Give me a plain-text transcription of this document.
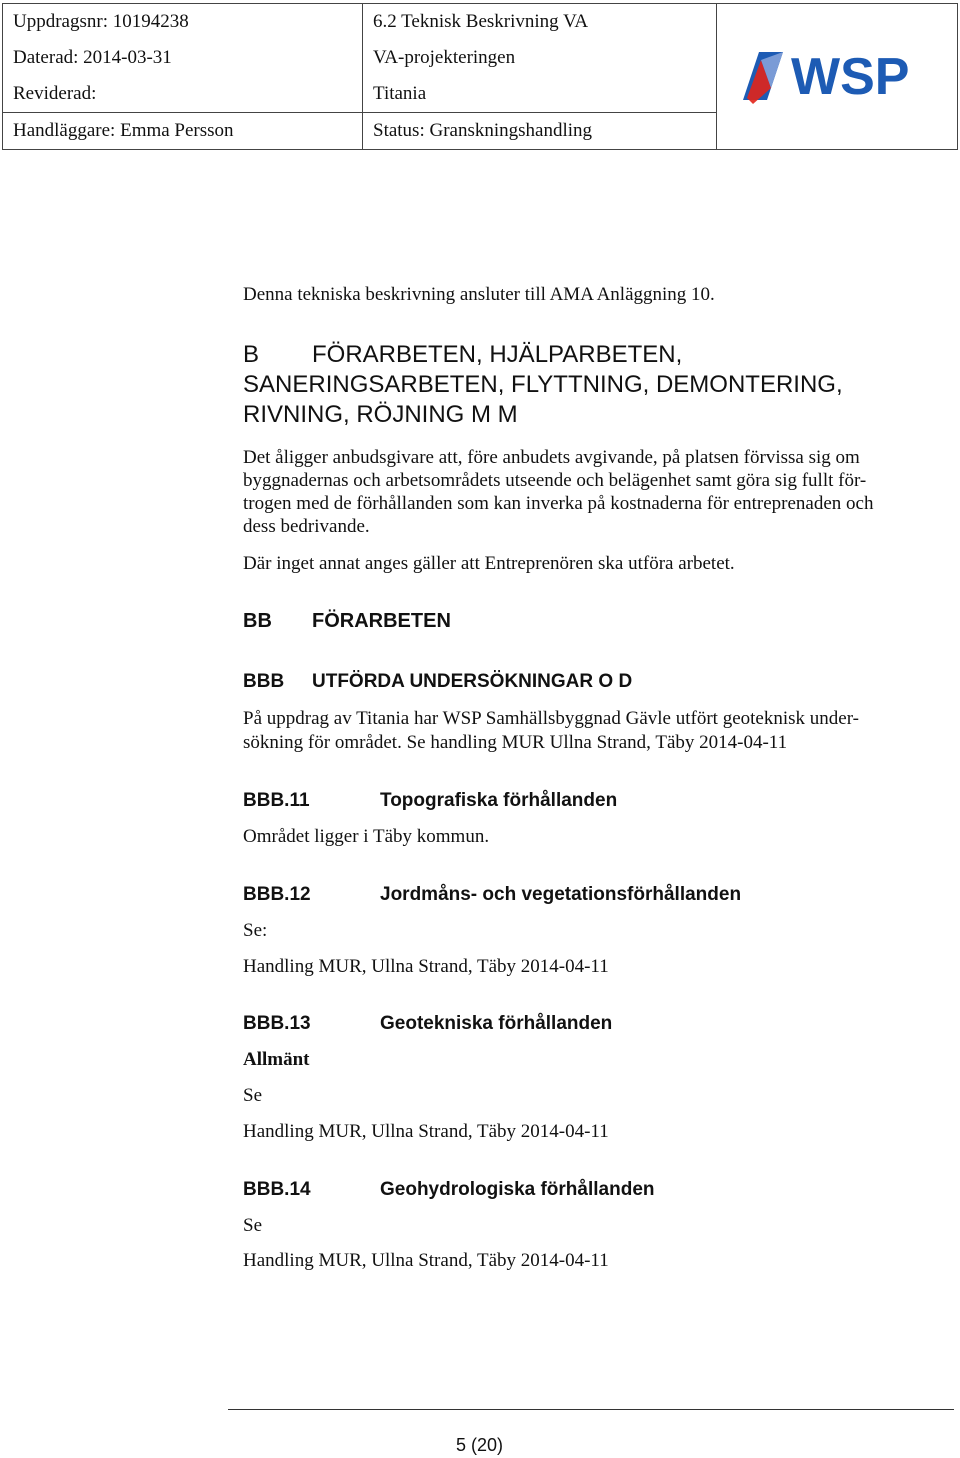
Uppdragsnr: 10194238	6.2 Teknisk Beskrivning VA	WSP

Daterad: 2014-03-31	VA-projekteringen	
Reviderad:	Titania	
Handläggare: Emma Persson	Status: Granskningshandling	
Denna tekniska beskrivning ansluter till AMA Anläggning 10.
B FÖRARBETEN, HJÄLPARBETEN,
SANERINGSARBETEN, FLYTTNING, DEMONTERING,
RIVNING, RÖJNING M M
Det åligger anbudsgivare att, före anbudets avgivande, på platsen förvissa sig om
byggnadernas och arbetsområdets utseende och belägenhet samt göra sig fullt för-
trogen med de förhållanden som kan inverka på kostnaderna för entreprenaden och
dess bedrivande.
Där inget annat anges gäller att Entreprenören ska utföra arbetet.
BB FÖRARBETEN
BBB UTFÖRDA UNDERSÖKNINGAR O D
På uppdrag av Titania har WSP Samhällsbyggnad Gävle utfört geoteknisk under-
sökning för området. Se handling MUR Ullna Strand, Täby 2014-04-11
BBB.11	Topografiska förhållanden
Området ligger i Täby kommun.
BBB.12	Jordmåns- och vegetationsförhållanden
Se:
Handling MUR, Ullna Strand, Täby 2014-04-11
BBB.13	Geotekniska förhållanden
Allmänt
Se
Handling MUR, Ullna Strand, Täby 2014-04-11
BBB.14	Geohydrologiska förhållanden
Se
Handling MUR, Ullna Strand, Täby 2014-04-11
5 (20)
